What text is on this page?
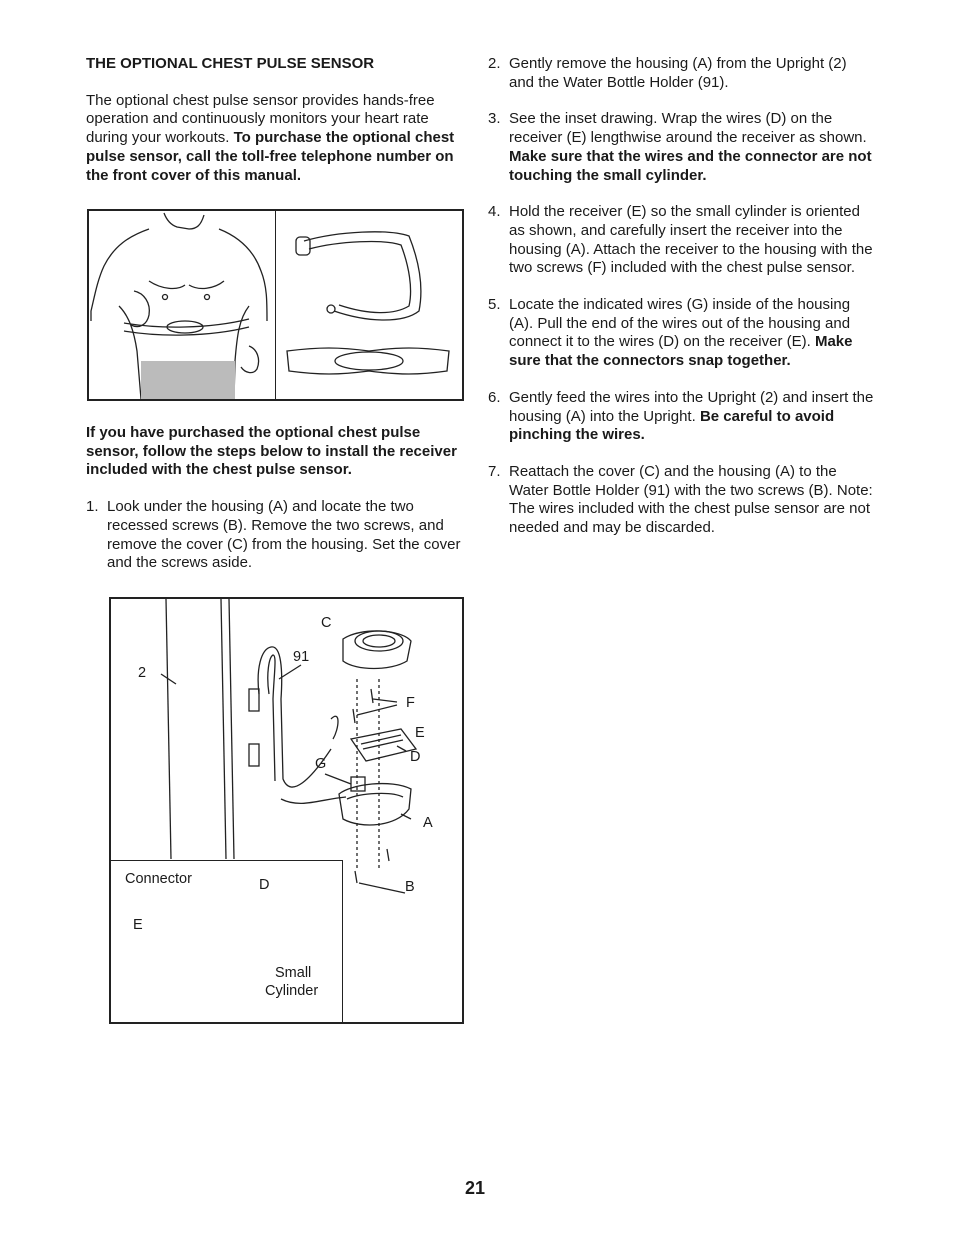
THE OPTIONAL CHEST PULSE SENSOR

The optional chest pulse sensor provides hands-free operation and continuously monitors your heart rate during your workouts. To purchase the optional chest pulse sensor, call the toll-free telephone number on the front cover of this manual.

If you have purchased the optional chest pulse sensor, follow the steps below to install the receiver included with the chest pulse sensor.

1. Look under the housing (A) and locate the two recessed screws (B). Remove the two screws, and remove the cover (C) from the housing. Set the cover and the screws aside.
C
91
2
F
E
D
G
A
B
Connector	D
E
Small
Cylinder
2. Gently remove the housing (A) from the Upright (2) and the Water Bottle Holder (91).
3. See the inset drawing. Wrap the wires (D) on the receiver (E) lengthwise around the receiver as shown. Make sure that the wires and the connector are not touching the small cylinder.
4. Hold the receiver (E) so the small cylinder is oriented as shown, and carefully insert the receiver into the housing (A). Attach the receiver to the housing with the two screws (F) included with the chest pulse sensor.
5. Locate the indicated wires (G) inside of the housing (A). Pull the end of the wires out of the housing and connect it to the wires (D) on the receiver (E). Make sure that the connectors snap together.
6. Gently feed the wires into the Upright (2) and insert the housing (A) into the Upright. Be careful to avoid pinching the wires.
7. Reattach the cover (C) and the housing (A) to the Water Bottle Holder (91) with the two screws (B). Note: The wires included with the chest pulse sensor are not needed and may be discarded.
21
